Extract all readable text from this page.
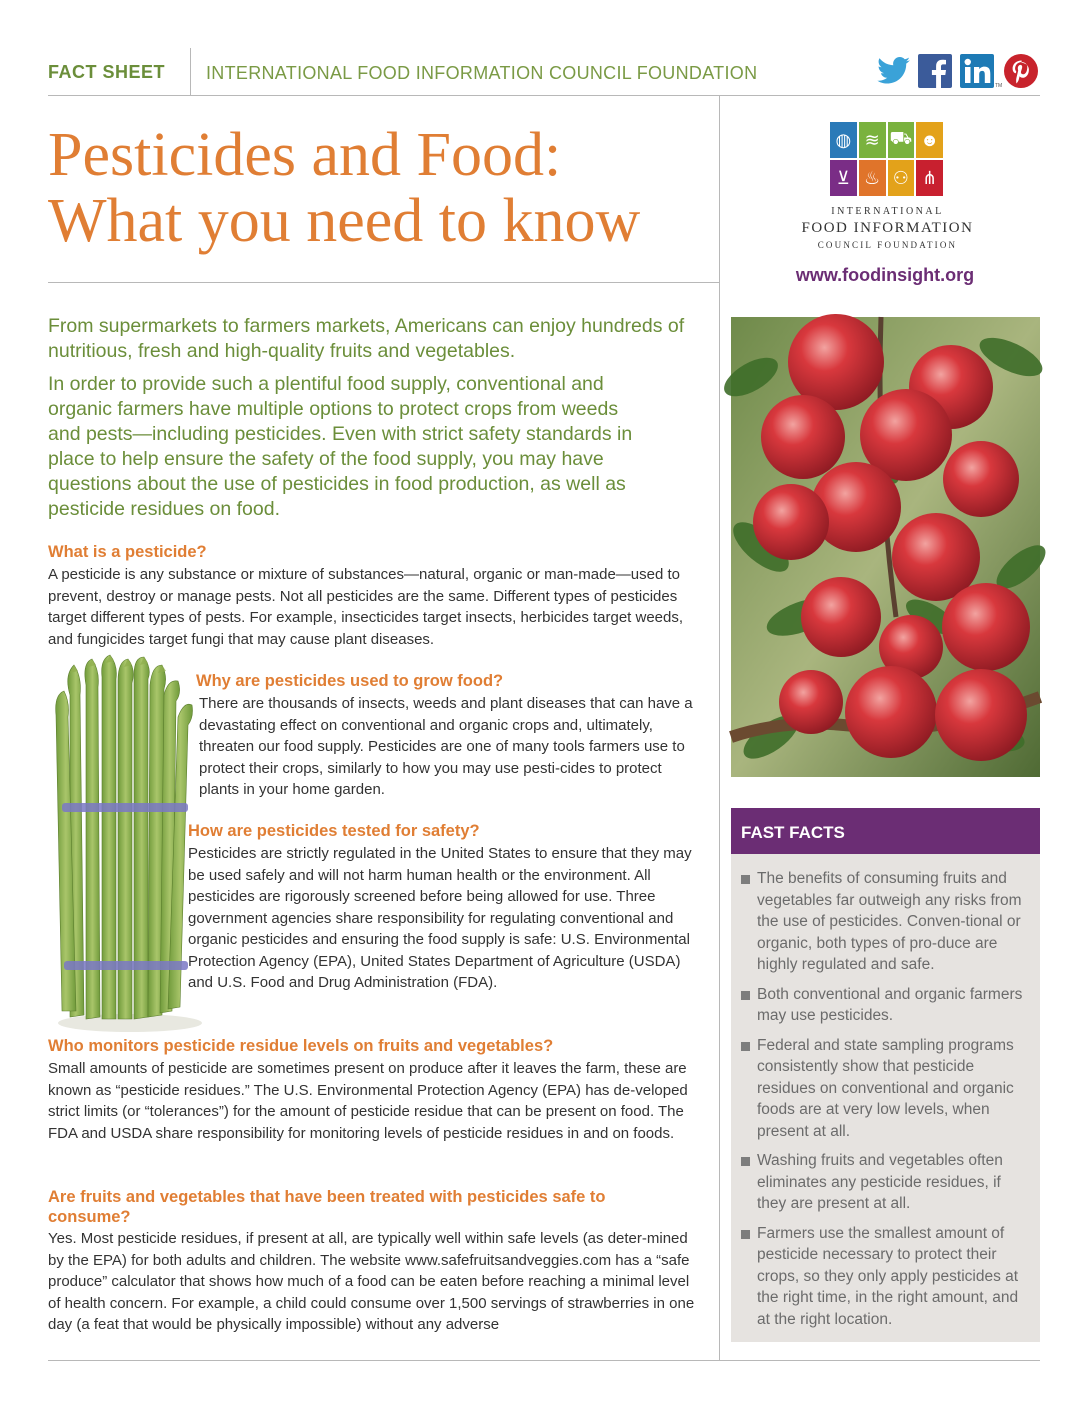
FACT SHEET INTERNATIONAL FOOD INFORMATION COUNCIL FOUNDATION
TM
Pesticides and Food:
What you need to know

From supermarkets to farmers markets, Americans can enjoy hundreds of nutritious, fresh and high-quality fruits and vegetables.

In order to provide such a plentiful food supply, conventional and organic farmers have multiple options to protect crops from weeds and pests—including pesticides. Even with strict safety standards in place to help ensure the safety of the food supply, you may have questions about the use of pesticides in food production, as well as pesticide residues on food.

What is a pesticide?

A pesticide is any substance or mixture of substances—natural, organic or man-made—used to prevent, destroy or manage pests. Not all pesticides are the same. Different types of pesticides target different types of pests. For example, insecticides target insects, herbicides target weeds, and fungicides target fungi that may cause plant diseases.

Why are pesticides used to grow food?

There are thousands of insects, weeds and plant diseases that can have a devastating effect on conventional and organic crops and, ultimately, threaten our food supply. Pesticides are one of many tools farmers use to protect their crops, similarly to how you may use pesti-cides to protect plants in your home garden.

How are pesticides tested for safety?

Pesticides are strictly regulated in the United States to ensure that they may be used safely and will not harm human health or the environment. All pesticides are rigorously screened before being allowed for use. Three government agencies share responsibility for regulating conventional and organic pesticides and ensuring the food supply is safe: U.S. Environmental Protection Agency (EPA), United States Department of Agriculture (USDA) and U.S. Food and Drug Administration (FDA).

Who monitors pesticide residue levels on fruits and vegetables?

Small amounts of pesticide are sometimes present on produce after it leaves the farm, these are known as “pesticide residues.” The U.S. Environmental Protection Agency (EPA) has de-veloped strict limits (or “tolerances”) for the amount of pesticide residue that can be present on food. The FDA and USDA share responsibility for monitoring levels of pesticide residues in and on foods.

Are fruits and vegetables that have been treated with pesticides safe to consume?

Yes. Most pesticide residues, if present at all, are typically well within safe levels (as deter-mined by the EPA) for both adults and children. The website www.safefruitsandveggies.com has a “safe produce” calculator that shows how much of a food can be eaten before reaching a minimal level of health concern. For example, a child could consume over 1,500 servings of strawberries in one day (a feat that would be physically impossible) without any adverse

◍ ≋ ⛟ ☻
⊻ ♨ ⚇ ⋔
INTERNATIONAL
FOOD INFORMATION
COUNCIL FOUNDATION
www.foodinsight.org
FAST FACTS
The benefits of consuming fruits and vegetables far outweigh any risks from the use of pesticides. Conven-tional or organic, both types of pro-duce are highly regulated and safe.
Both conventional and organic farmers may use pesticides.
Federal and state sampling programs consistently show that pesticide residues on conventional and organic foods are at very low levels, when present at all.
Washing fruits and vegetables often eliminates any pesticide residues, if they are present at all.
Farmers use the smallest amount of pesticide necessary to protect their crops, so they only apply pesticides at the right time, in the right amount, and at the right location.
